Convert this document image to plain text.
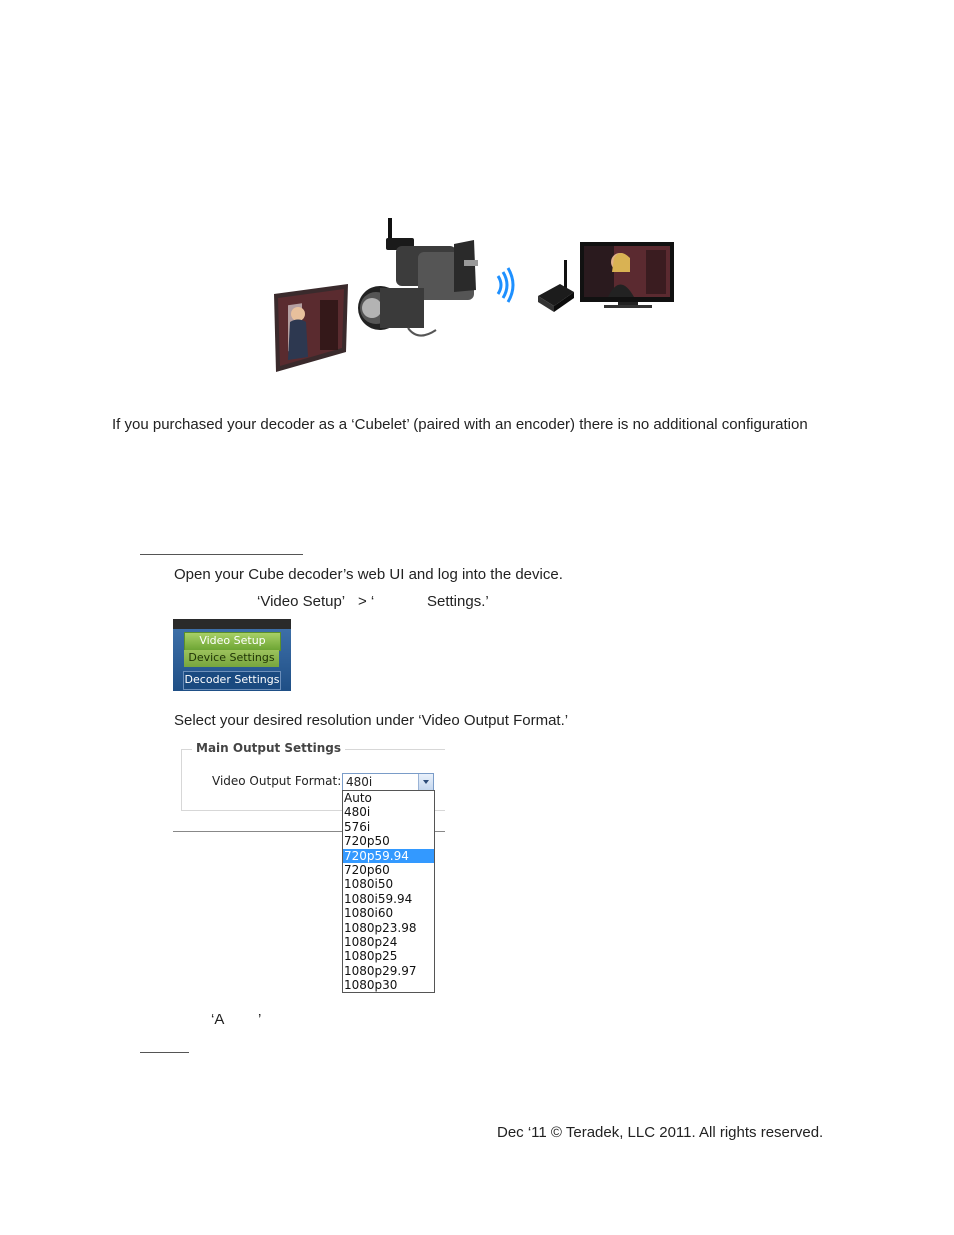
If you purchased your decoder as a ‘Cubelet’ (paired with an encoder) there is no additional configuration
Open your Cube decoder’s web UI and log into the device.
‘Video Setup’ > ‘	Settings.’
Video Setup
Device Settings
Decoder Settings
Select your desired resolution under ‘Video Output Format.’
Main Output Settings
Video Output Format: 480i
Auto
480i
576i
720p50
720p59.94
720p60
1080i50
1080i59.94
1080i60
1080p23.98
1080p24
1080p25
1080p29.97
1080p30
‘A ’
Dec ‘11 © Teradek, LLC 2011. All rights reserved.
